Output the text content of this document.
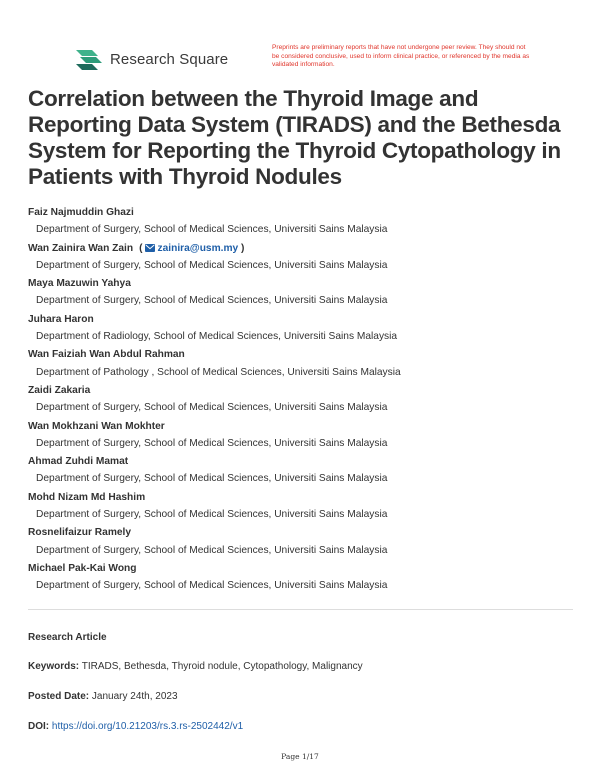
Research Square
Preprints are preliminary reports that have not undergone peer review. They should not be considered conclusive, used to inform clinical practice, or referenced by the media as validated information.
Correlation between the Thyroid Image and Reporting Data System (TIRADS) and the Bethesda System for Reporting the Thyroid Cytopathology in Patients with Thyroid Nodules
Faiz Najmuddin Ghazi
Department of Surgery, School of Medical Sciences, Universiti Sains Malaysia
Wan Zainira Wan Zain ( zainira@usm.my )
Department of Surgery, School of Medical Sciences, Universiti Sains Malaysia
Maya Mazuwin Yahya
Department of Surgery, School of Medical Sciences, Universiti Sains Malaysia
Juhara Haron
Department of Radiology, School of Medical Sciences, Universiti Sains Malaysia
Wan Faiziah Wan Abdul Rahman
Department of Pathology , School of Medical Sciences, Universiti Sains Malaysia
Zaidi Zakaria
Department of Surgery, School of Medical Sciences, Universiti Sains Malaysia
Wan Mokhzani Wan Mokhter
Department of Surgery, School of Medical Sciences, Universiti Sains Malaysia
Ahmad Zuhdi Mamat
Department of Surgery, School of Medical Sciences, Universiti Sains Malaysia
Mohd Nizam Md Hashim
Department of Surgery, School of Medical Sciences, Universiti Sains Malaysia
Rosnelifaizur Ramely
Department of Surgery, School of Medical Sciences, Universiti Sains Malaysia
Michael Pak-Kai Wong
Department of Surgery, School of Medical Sciences, Universiti Sains Malaysia
Research Article
Keywords: TIRADS, Bethesda, Thyroid nodule, Cytopathology, Malignancy
Posted Date: January 24th, 2023
DOI: https://doi.org/10.21203/rs.3.rs-2502442/v1
Page 1/17
